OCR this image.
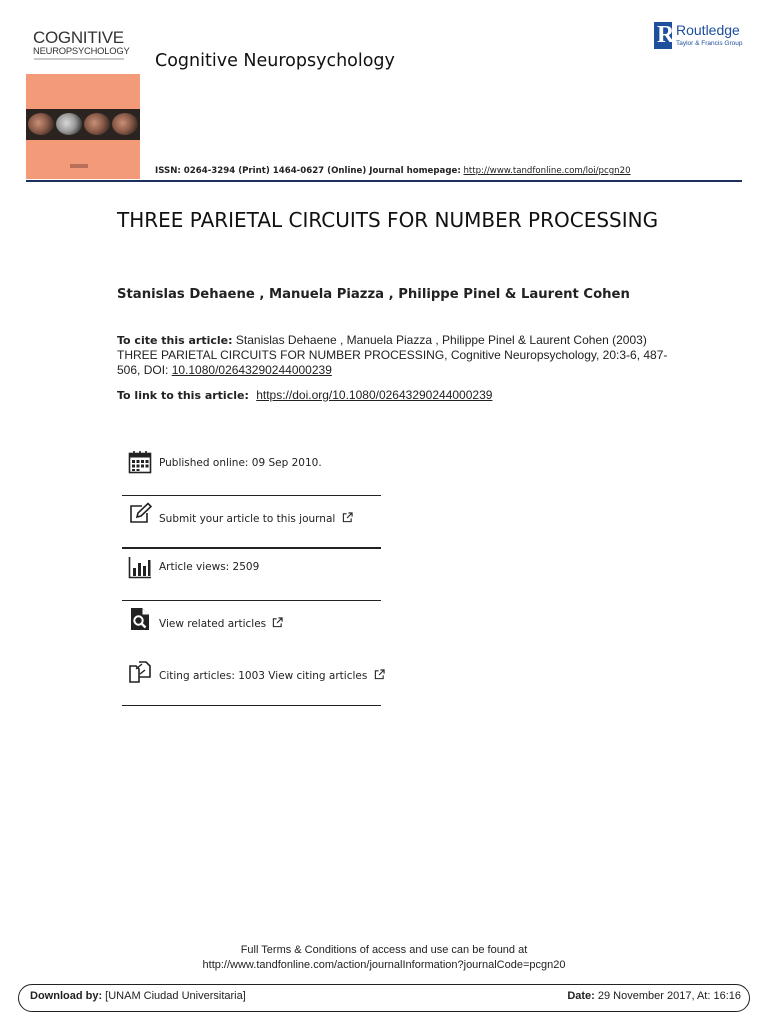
COGNITIVE
NEUROPSYCHOLOGY
Cognitive Neuropsychology
R Routledge
Taylor & Francis Group
ISSN: 0264-3294 (Print) 1464-0627 (Online) Journal homepage: http://www.tandfonline.com/loi/pcgn20
THREE PARIETAL CIRCUITS FOR NUMBER PROCESSING
Stanislas Dehaene , Manuela Piazza , Philippe Pinel & Laurent Cohen
To cite this article: Stanislas Dehaene , Manuela Piazza , Philippe Pinel & Laurent Cohen (2003) THREE PARIETAL CIRCUITS FOR NUMBER PROCESSING, Cognitive Neuropsychology, 20:3-6, 487-506, DOI: 10.1080/02643290244000239
To link to this article: https://doi.org/10.1080/02643290244000239
Published online: 09 Sep 2010.
Submit your article to this journal
Article views: 2509
View related articles
Citing articles: 1003 View citing articles
Full Terms & Conditions of access and use can be found at
http://www.tandfonline.com/action/journalInformation?journalCode=pcgn20
Download by: [UNAM Ciudad Universitaria]	Date: 29 November 2017, At: 16:16
